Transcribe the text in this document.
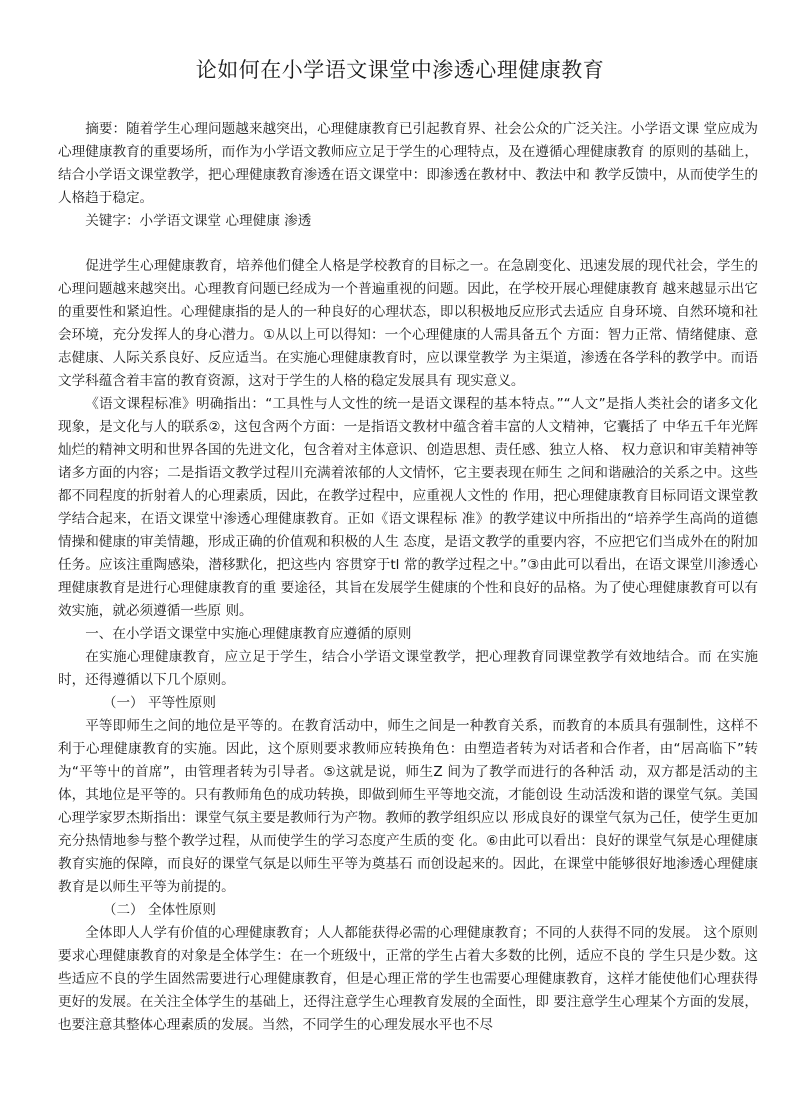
论如何在小学语文课堂中渗透心理健康教育

摘要：随着学生心理问题越来越突出，心理健康教育已引起教育界、社会公众的广泛关注。小学语文课 堂应成为心理健康教育的重要场所，而作为小学语文教师应立足于学生的心理特点，及在遵循心理健康教育 的原则的基础上，结合小学语文课堂教学，把心理健康教育渗透在语文课堂中：即渗透在教材中、教法中和 教学反馈中，从而使学生的人格趋于稳定。

关键字：小学语文课堂 心理健康 渗透

促进学生心理健康教育，培养他们健全人格是学校教育的目标之一。在急剧变化、迅速发展的现代社会，学生的心理问题越来越突出。心理教育问题已经成为一个普遍重视的问题。因此，在学校开展心理健康教育 越来越显示出它的重要性和紧迫性。心理健康指的是人的一种良好的心理状态，即以积极地反应形式去适应 自身环境、自然环境和社会环境，充分发挥人的身心潜力。①从以上可以得知：一个心理健康的人需具备五个 方面：智力正常、情绪健康、意志健康、人际关系良好、反应适当。在实施心理健康教育时，应以课堂教学 为主渠道，渗透在各学科的教学中。而语文学科蕴含着丰富的教育资源，这对于学生的人格的稳定发展具有 现实意义。

《语文课程标准》明确指出：“工具性与人文性的统一是语文课程的基本特点。”“人文”是指人类社会的诸多文化现象，是文化与人的联系②，这包含两个方面：一是指语文教材中蕴含着丰富的人文精神，它囊括了 中华五千年光辉灿烂的精神文明和世界各国的先进文化，包含着对主体意识、创造思想、责任感、独立人格、 权力意识和审美精神等诸多方面的内容；二是指语文教学过程川充满着浓郁的人文情怀，它主要表现在师生 之间和谐融洽的关系之中。这些都不同程度的折射着人的心理素质，因此，在教学过程中，应重视人文性的 作用，把心理健康教育目标同语文课堂教学结合起来，在语文课堂屮渗透心理健康教育。正如《语文课程标 准》的教学建议中所指出的“培养学生高尚的道德情操和健康的审美情趣，形成正确的价值观和积极的人生 态度，是语文教学的重要内容，不应把它们当成外在的附加任务。应该注重陶感染，潜移默化，把这些内 容贯穿于tl 常的教学过程之屮。”③由此可以看出，在语文课堂川渗透心理健康教育是进行心理健康教育的重 要途径，其旨在发展学生健康的个性和良好的品格。为了使心理健康教育可以有效实施，就必须遵循一些原 则。

一、在小学语文课堂中实施心理健康教育应遵循的原则

在实施心理健康教育，应立足于学生，结合小学语文课堂教学，把心理教育同课堂教学有效地结合。而 在实施时，还得遵循以下几个原则。

（一） 平等性原则

平等即师生之间的地位是平等的。在教育活动中，师生之间是一种教育关系，而教育的本质具有强制性，这样不利于心理健康教育的实施。因此，这个原则要求教师应转换角色：由塑造者转为对话者和合作者，由“居高临下”转为“平等屮的首席”，由管理者转为引导者。⑤这就是说，师生Z 间为了教学而进行的各种活 动，双方都是活动的主体，其地位是平等的。只有教师角色的成功转换，即做到师生平等地交流，才能创设 生动活泼和谐的课堂气氛。美国心理学家罗杰斯指出：课堂气氛主要是教师行为产物。教师的教学组织应以 形成良好的课堂气氛为己任，使学生更加充分热情地参与整个教学过程，从而使学生的学习态度产生质的变 化。⑥由此可以看出：良好的课堂气氛是心理健康教育实施的保障，而良好的课堂气氛是以师生平等为奠基石 而创设起来的。因此，在课堂中能够很好地渗透心理健康教育是以师生平等为前提的。

（二） 全体性原则

全体即人人学有价值的心理健康教育；人人都能获得必需的心理健康教育；不同的人获得不同的发展。 这个原则要求心理健康教育的对象是全体学生：在一个班级屮，正常的学生占着大多数的比例，适应不良的 学生只是少数。这些适应不良的学生固然需要进行心理健康教育，但是心理正常的学生也需要心理健康教育，这样才能使他们心理获得更好的发展。在关注全体学生的基础上，还得注意学生心理教育发展的全面性，即 要注意学生心理某个方面的发展，也要注意其整体心理素质的发展。当然，不同学生的心理发展水平也不尽
